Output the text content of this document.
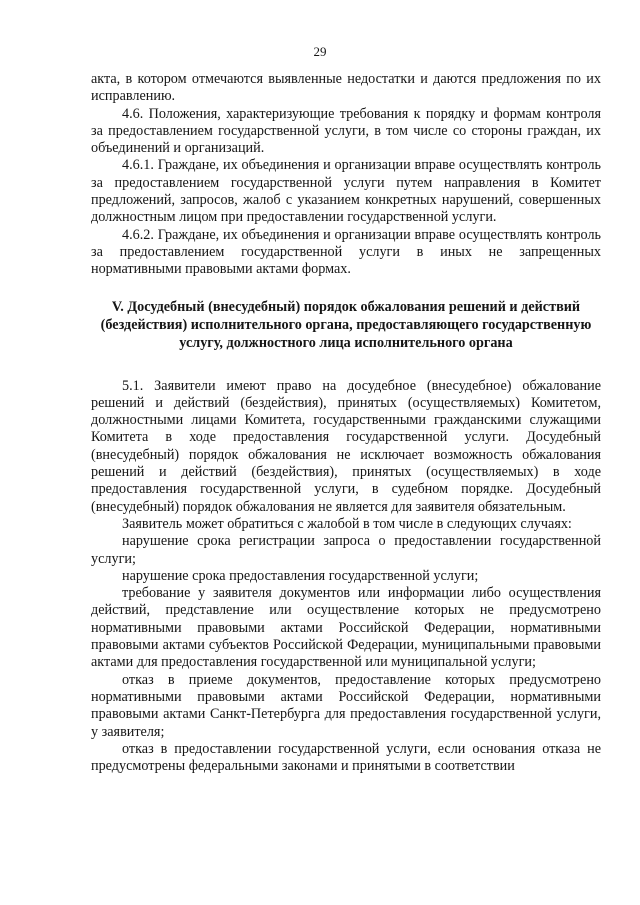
29

акта, в котором отмечаются выявленные недостатки и даются предложения по их исправлению.

4.6. Положения, характеризующие требования к порядку и формам контроля за предоставлением государственной услуги, в том числе со стороны граждан, их объединений и организаций.

4.6.1. Граждане, их объединения и организации вправе осуществлять контроль за предоставлением государственной услуги путем направления в Комитет предложений, запросов, жалоб с указанием конкретных нарушений, совершенных должностным лицом при предоставлении государственной услуги.

4.6.2. Граждане, их объединения и организации вправе осуществлять контроль за предоставлением государственной услуги в иных не запрещенных нормативными правовыми актами формах.

V. Досудебный (внесудебный) порядок обжалования решений и действий (бездействия) исполнительного органа, предоставляющего государственную услугу, должностного лица исполнительного органа

5.1. Заявители имеют право на досудебное (внесудебное) обжалование решений и действий (бездействия), принятых (осуществляемых) Комитетом, должностными лицами Комитета, государственными гражданскими служащими Комитета в ходе предоставления государственной услуги. Досудебный (внесудебный) порядок обжалования не исключает возможность обжалования решений и действий (бездействия), принятых (осуществляемых) в ходе предоставления государственной услуги, в судебном порядке. Досудебный (внесудебный) порядок обжалования не является для заявителя обязательным.

Заявитель может обратиться с жалобой в том числе в следующих случаях:

нарушение срока регистрации запроса о предоставлении государственной услуги;

нарушение срока предоставления государственной услуги;

требование у заявителя документов или информации либо осуществления действий, представление или осуществление которых не предусмотрено нормативными правовыми актами Российской Федерации, нормативными правовыми актами субъектов Российской Федерации, муниципальными правовыми актами для предоставления государственной или муниципальной услуги;

отказ в приеме документов, предоставление которых предусмотрено нормативными правовыми актами Российской Федерации, нормативными правовыми актами Санкт-Петербурга для предоставления государственной услуги, у заявителя;

отказ в предоставлении государственной услуги, если основания отказа не предусмотрены федеральными законами и принятыми в соответствии
